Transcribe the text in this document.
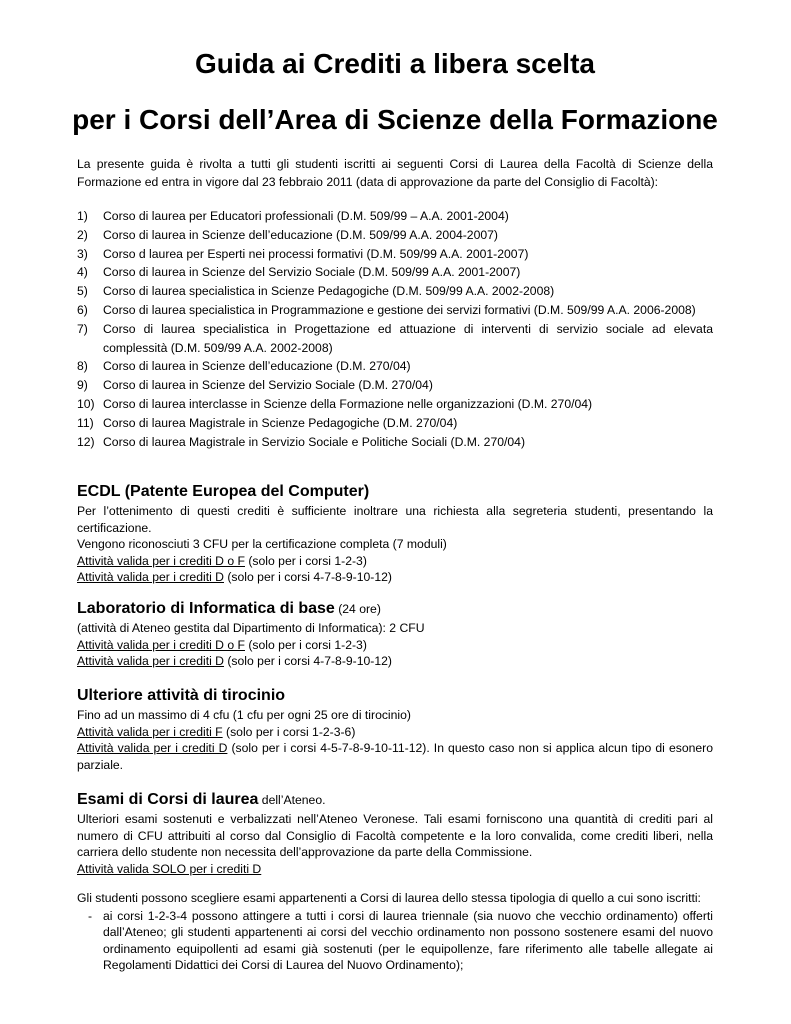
Guida ai Crediti a libera scelta
per i Corsi dell’Area di Scienze della Formazione
La presente guida è rivolta a tutti gli studenti iscritti ai seguenti Corsi di Laurea della Facoltà di Scienze della Formazione ed entra in vigore dal 23 febbraio 2011 (data di approvazione da parte del Consiglio di Facoltà):
1)	Corso di laurea per Educatori professionali (D.M. 509/99 – A.A. 2001-2004)
2)	Corso di laurea in Scienze dell’educazione (D.M. 509/99 A.A. 2004-2007)
3)	Corso d laurea per Esperti nei processi formativi (D.M. 509/99 A.A. 2001-2007)
4)	Corso di laurea in Scienze del Servizio Sociale (D.M. 509/99 A.A. 2001-2007)
5)	Corso di laurea specialistica in Scienze Pedagogiche (D.M. 509/99 A.A. 2002-2008)
6)	Corso di laurea specialistica in Programmazione e gestione dei servizi formativi (D.M. 509/99 A.A. 2006-2008)
7)	Corso di laurea specialistica in Progettazione ed attuazione di interventi di servizio sociale ad elevata complessità (D.M. 509/99 A.A. 2002-2008)
8)	Corso di laurea in Scienze dell’educazione (D.M. 270/04)
9)	Corso di laurea in Scienze del Servizio Sociale (D.M. 270/04)
10) Corso di laurea interclasse in Scienze della Formazione nelle organizzazioni (D.M. 270/04)
11) Corso di laurea Magistrale in Scienze Pedagogiche (D.M. 270/04)
12) Corso di laurea Magistrale in Servizio Sociale e Politiche Sociali (D.M. 270/04)
ECDL (Patente Europea del Computer)
Per l’ottenimento di questi crediti è sufficiente inoltrare una richiesta alla segreteria studenti, presentando la certificazione.
Vengono riconosciuti 3 CFU per la certificazione completa (7 moduli)
Attività valida per i crediti D o F (solo per i corsi 1-2-3)
Attività valida per i crediti D (solo per i corsi 4-7-8-9-10-12)
Laboratorio di Informatica di base (24 ore)
(attività di Ateneo gestita dal Dipartimento di Informatica): 2 CFU
Attività valida per i crediti D o F (solo per i corsi 1-2-3)
Attività valida per i crediti D (solo per i corsi 4-7-8-9-10-12)
Ulteriore attività di tirocinio
Fino ad un massimo di 4 cfu (1 cfu per ogni 25 ore di tirocinio)
Attività valida per i crediti F (solo per i corsi 1-2-3-6)
Attività valida per i crediti D (solo per i corsi 4-5-7-8-9-10-11-12). In questo caso non si applica alcun tipo di esonero parziale.
Esami di Corsi di laurea dell’Ateneo.
Ulteriori esami sostenuti e verbalizzati nell’Ateneo Veronese. Tali esami forniscono una quantità di crediti pari al numero di CFU attribuiti al corso dal Consiglio di Facoltà competente e la loro convalida, come crediti liberi, nella carriera dello studente non necessita dell’approvazione da parte della Commissione.
Attività valida SOLO per i crediti D
Gli studenti possono scegliere esami appartenenti a Corsi di laurea dello stessa tipologia di quello a cui sono iscritti:
- ai corsi 1-2-3-4 possono attingere a tutti i corsi di laurea triennale (sia nuovo che vecchio ordinamento) offerti dall’Ateneo; gli studenti appartenenti ai corsi del vecchio ordinamento non possono sostenere esami del nuovo ordinamento equipollenti ad esami già sostenuti (per le equipollenze, fare riferimento alle tabelle allegate ai Regolamenti Didattici dei Corsi di Laurea del Nuovo Ordinamento);
